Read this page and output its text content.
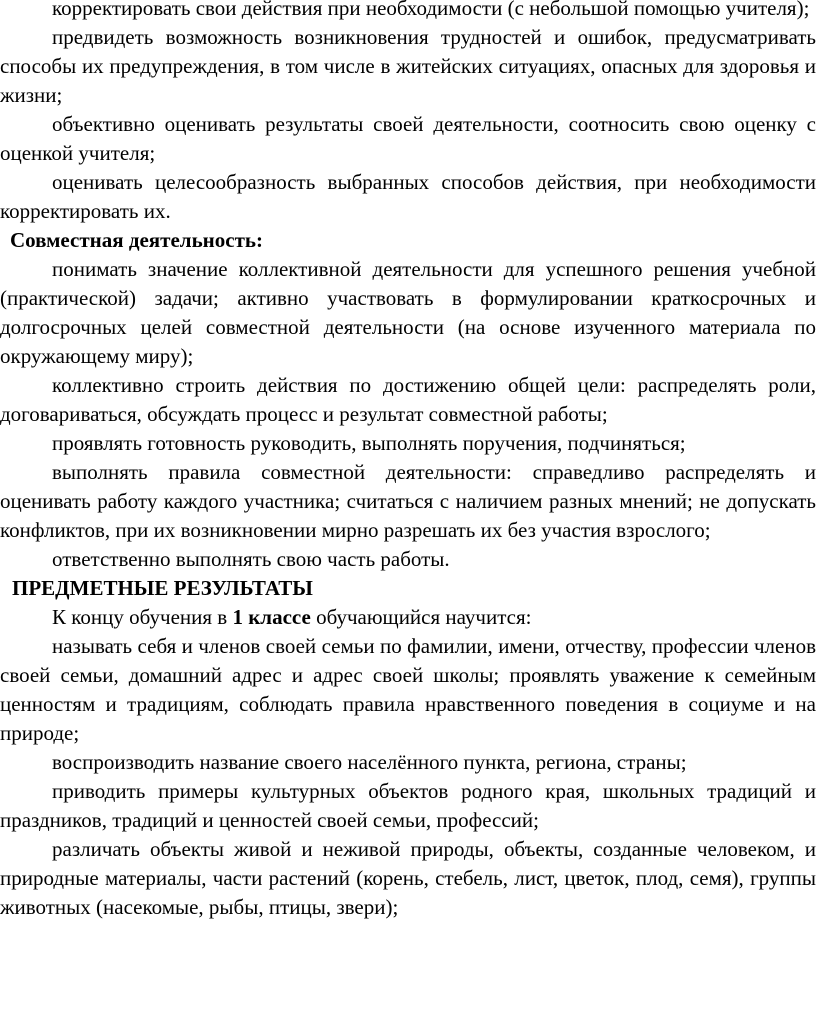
корректировать свои действия при необходимости (с небольшой помощью учителя);

предвидеть возможность возникновения трудностей и ошибок, предусматривать способы их предупреждения, в том числе в житейских ситуациях, опасных для здоровья и жизни;

объективно оценивать результаты своей деятельности, соотносить свою оценку с оценкой учителя;

оценивать целесообразность выбранных способов действия, при необходимости корректировать их.

Совместная деятельность:

понимать значение коллективной деятельности для успешного решения учебной (практической) задачи; активно участвовать в формулировании краткосрочных и долгосрочных целей совместной деятельности (на основе изученного материала по окружающему миру);

коллективно строить действия по достижению общей цели: распределять роли, договариваться, обсуждать процесс и результат совместной работы;

проявлять готовность руководить, выполнять поручения, подчиняться;

выполнять правила совместной деятельности: справедливо распределять и оценивать работу каждого участника; считаться с наличием разных мнений; не допускать конфликтов, при их возникновении мирно разрешать их без участия взрослого;

ответственно выполнять свою часть работы.

ПРЕДМЕТНЫЕ РЕЗУЛЬТАТЫ

К концу обучения в 1 классе обучающийся научится:

называть себя и членов своей семьи по фамилии, имени, отчеству, профессии членов своей семьи, домашний адрес и адрес своей школы; проявлять уважение к семейным ценностям и традициям, соблюдать правила нравственного поведения в социуме и на природе;

воспроизводить название своего населённого пункта, региона, страны;

приводить примеры культурных объектов родного края, школьных традиций и праздников, традиций и ценностей своей семьи, профессий;

различать объекты живой и неживой природы, объекты, созданные человеком, и природные материалы, части растений (корень, стебель, лист, цветок, плод, семя), группы животных (насекомые, рыбы, птицы, звери);
